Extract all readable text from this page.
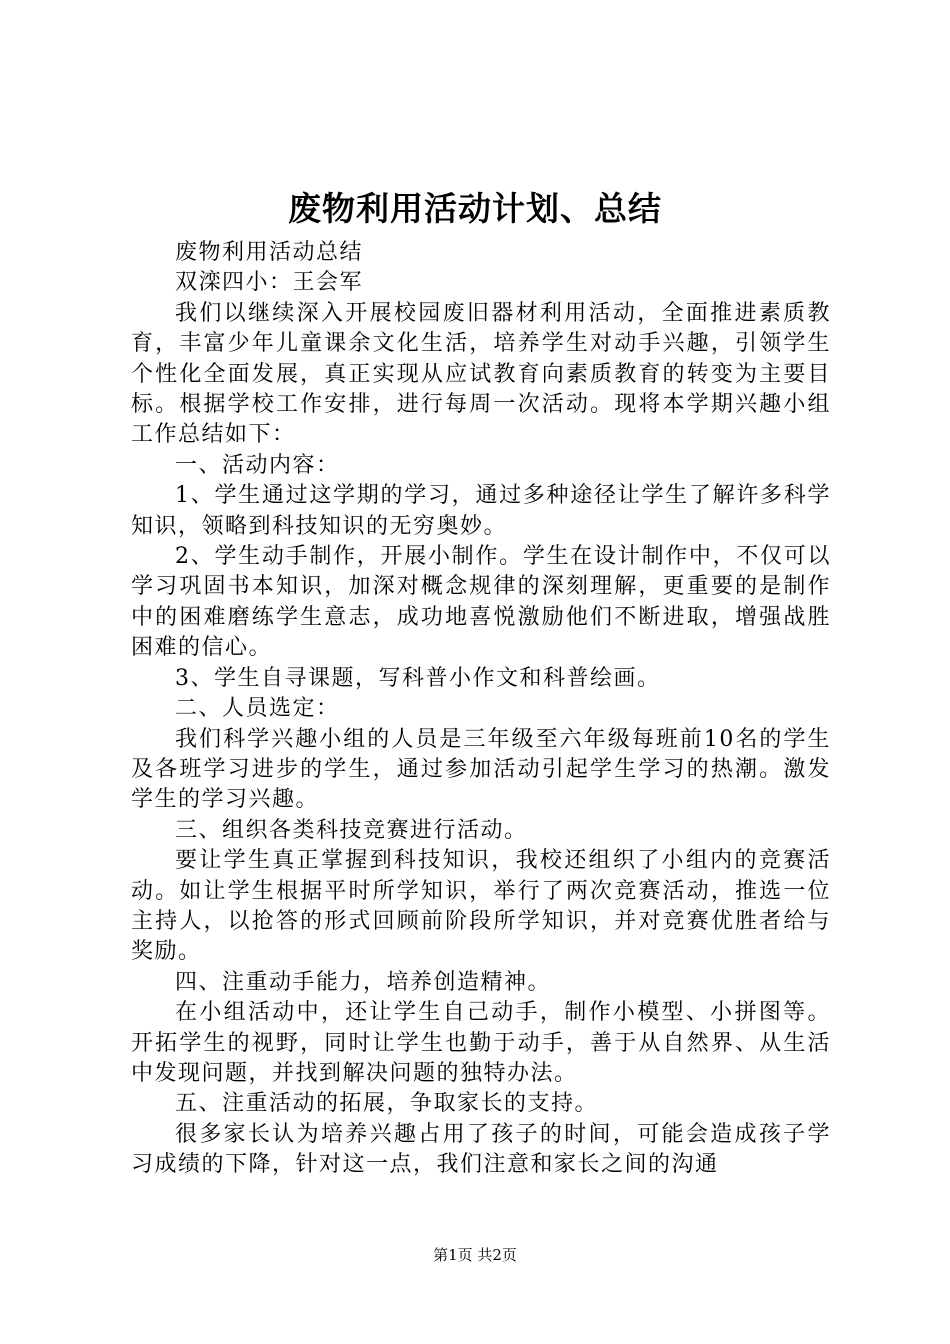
废物利用活动计划、总结

废物利用活动总结

双滦四小：王会军

我们以继续深入开展校园废旧器材利用活动，全面推进素质教育，丰富少年儿童课余文化生活，培养学生对动手兴趣，引领学生个性化全面发展，真正实现从应试教育向素质教育的转变为主要目标。根据学校工作安排，进行每周一次活动。现将本学期兴趣小组工作总结如下：

一、活动内容：

1、学生通过这学期的学习，通过多种途径让学生了解许多科学知识，领略到科技知识的无穷奥妙。

2、学生动手制作，开展小制作。学生在设计制作中，不仅可以学习巩固书本知识，加深对概念规律的深刻理解，更重要的是制作中的困难磨练学生意志，成功地喜悦激励他们不断进取，增强战胜困难的信心。

3、学生自寻课题，写科普小作文和科普绘画。

二、人员选定：

我们科学兴趣小组的人员是三年级至六年级每班前10名的学生及各班学习进步的学生，通过参加活动引起学生学习的热潮。激发学生的学习兴趣。

三、组织各类科技竞赛进行活动。

要让学生真正掌握到科技知识，我校还组织了小组内的竞赛活动。如让学生根据平时所学知识，举行了两次竞赛活动，推选一位主持人，以抢答的形式回顾前阶段所学知识，并对竞赛优胜者给与奖励。

四、注重动手能力，培养创造精神。

在小组活动中，还让学生自己动手，制作小模型、小拼图等。开拓学生的视野，同时让学生也勤于动手，善于从自然界、从生活中发现问题，并找到解决问题的独特办法。

五、注重活动的拓展，争取家长的支持。

很多家长认为培养兴趣占用了孩子的时间，可能会造成孩子学习成绩的下降，针对这一点，我们注意和家长之间的沟通

第1页 共2页
